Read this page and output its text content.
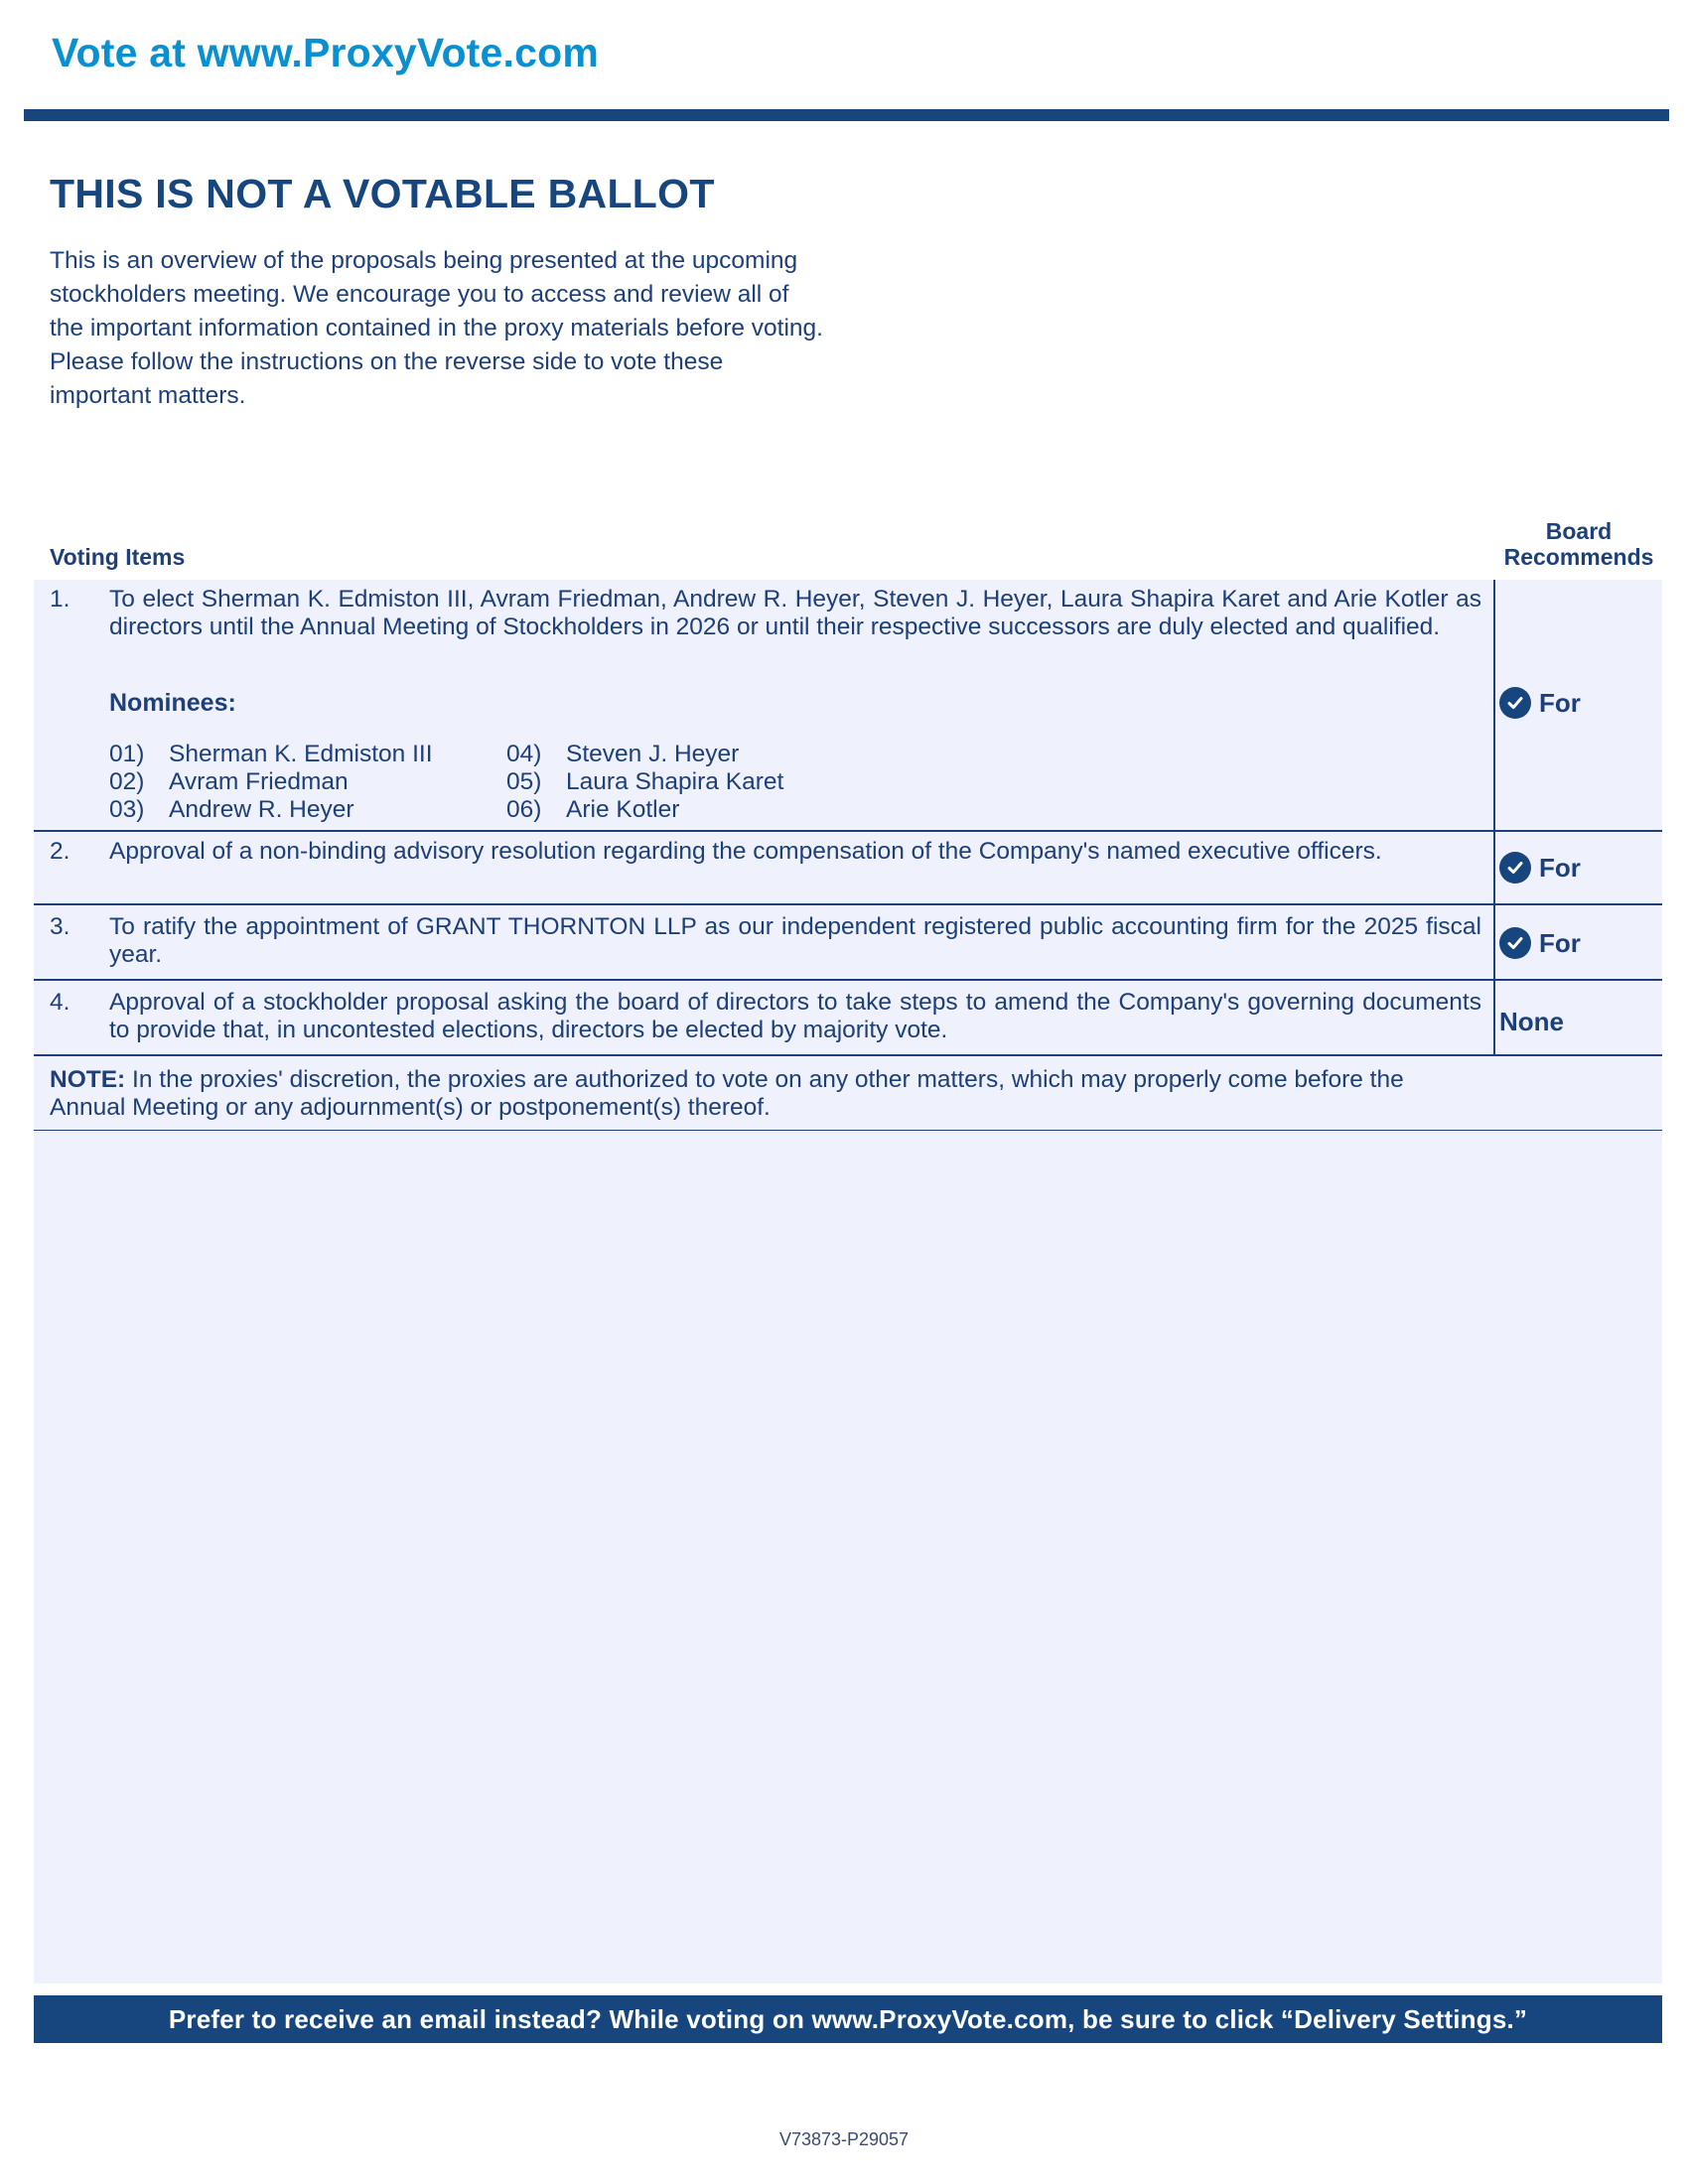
Vote at www.ProxyVote.com
THIS IS NOT A VOTABLE BALLOT
This is an overview of the proposals being presented at the upcoming stockholders meeting. We encourage you to access and review all of the important information contained in the proxy materials before voting. Please follow the instructions on the reverse side to vote these important matters.
Voting Items
Board Recommends
1. To elect Sherman K. Edmiston III, Avram Friedman, Andrew R. Heyer, Steven J. Heyer, Laura Shapira Karet and Arie Kotler as directors until the Annual Meeting of Stockholders in 2026 or until their respective successors are duly elected and qualified.
Nominees:
01) Sherman K. Edmiston III
02) Avram Friedman
03) Andrew R. Heyer
04) Steven J. Heyer
05) Laura Shapira Karet
06) Arie Kotler
For
2. Approval of a non-binding advisory resolution regarding the compensation of the Company's named executive officers.
For
3. To ratify the appointment of GRANT THORNTON LLP as our independent registered public accounting firm for the 2025 fiscal year.	For
4. Approval of a stockholder proposal asking the board of directors to take steps to amend the Company's governing documents to provide that, in uncontested elections, directors be elected by majority vote.	None
NOTE: In the proxies' discretion, the proxies are authorized to vote on any other matters, which may properly come before the Annual Meeting or any adjournment(s) or postponement(s) thereof.
Prefer to receive an email instead? While voting on www.ProxyVote.com, be sure to click “Delivery Settings.”
V73873-P29057
